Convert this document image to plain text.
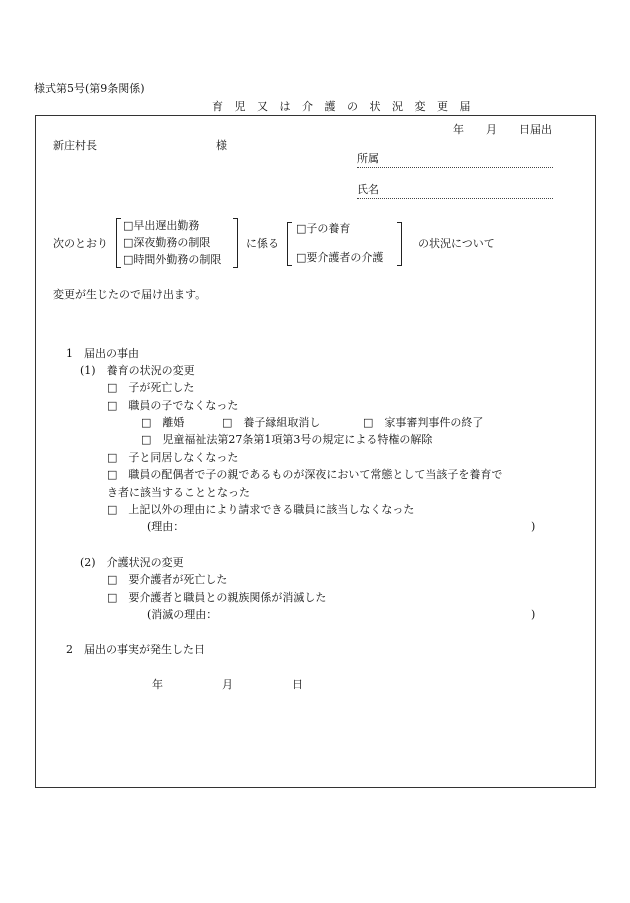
様式第5号(第9条関係)
育 児 又 は 介 護 の 状 況 変 更 届
年　　月　　日届出
新庄村長	様
所属
氏名
次のとおり
□早出遅出勤務
□深夜勤務の制限
□時間外勤務の制限
に係る
□子の養育
□要介護者の介護
の状況について
変更が生じたので届け出ます。
1　届出の事由
(1)　養育の状況の変更
□　子が死亡した
□　職員の子でなくなった
□　離婚	□　養子縁組取消し	□　家事審判事件の終了
□　児童福祉法第27条第1項第3号の規定による特権の解除
□　子と同居しなくなった
□　職員の配偶者で子の親であるものが深夜において常態として当該子を養育で
き者に該当することとなった
□　上記以外の理由により請求できる職員に該当しなくなった
(理由：	)
(2)　介護状況の変更
□　要介護者が死亡した
□　要介護者と職員との親族関係が消滅した
(消滅の理由：	)
2　届出の事実が発生した日
年	月	日
